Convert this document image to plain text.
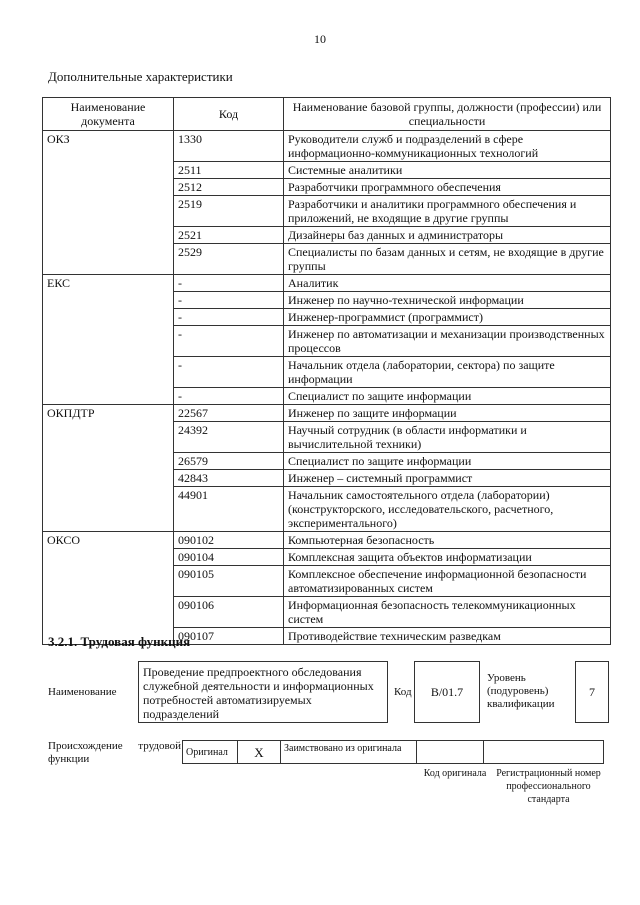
10
Дополнительные характеристики
Наименование документа	Код	Наименование базовой группы, должности (профессии) или специальности
ОКЗ	1330	Руководители служб и подразделений в сфере информационно-коммуникационных технологий
	2511	Системные аналитики
	2512	Разработчики программного обеспечения
	2519	Разработчики и аналитики программного обеспечения и приложений, не входящие в другие группы
	2521	Дизайнеры баз данных и администраторы
	2529	Специалисты по базам данных и сетям, не входящие в другие группы
ЕКС	-	Аналитик
	-	Инженер по научно-технической информации
	-	Инженер-программист (программист)
	-	Инженер по автоматизации и механизации производственных процессов
	-	Начальник отдела (лаборатории, сектора) по защите информации
	-	Специалист по защите информации
ОКПДТР	22567	Инженер по защите информации
	24392	Научный сотрудник (в области информатики и вычислительной техники)
	26579	Специалист по защите информации
	42843	Инженер – системный программист
	44901	Начальник самостоятельного отдела (лаборатории) (конструкторского, исследовательского, расчетного, экспериментального)
ОКСО	090102	Компьютерная безопасность
	090104	Комплексная защита объектов информатизации
	090105	Комплексное обеспечение информационной безопасности автоматизированных систем
	090106	Информационная безопасность телекоммуникационных систем
	090107	Противодействие техническим разведкам
3.2.1. Трудовая функция
Наименование
Проведение предпроектного обследования служебной деятельности и информационных потребностей автоматизируемых подразделений
Код	B/01.7
Уровень (подуровень) квалификации
7
Происхождение трудовой функции
Оригинал	X	Заимствовано из оригинала
Код оригинала Регистрационный номер профессионального стандарта
